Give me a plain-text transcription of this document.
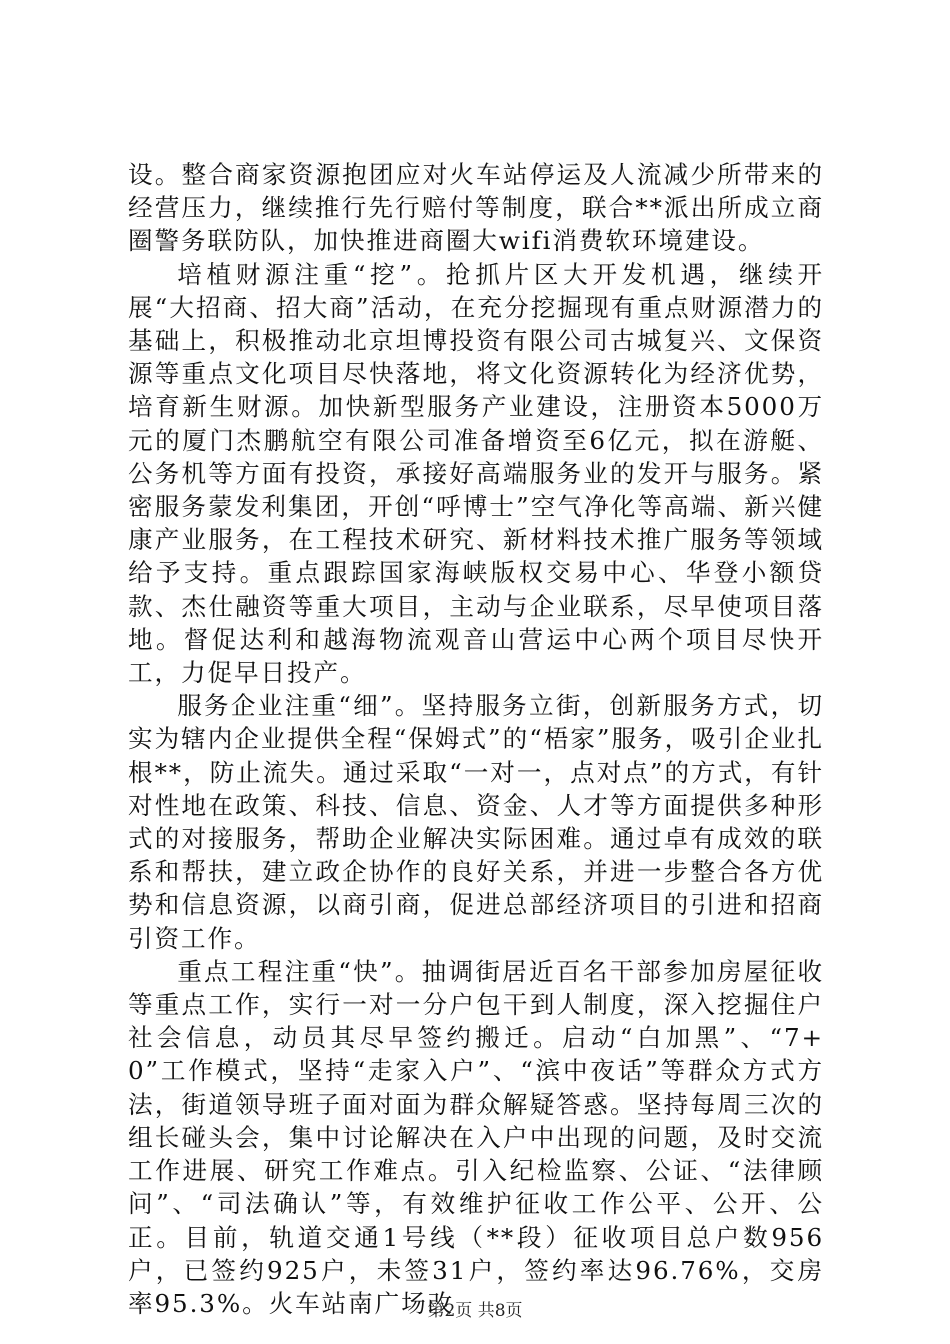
设。整合商家资源抱团应对火车站停运及人流减少所带来的经营压力，继续推行先行赔付等制度，联合**派出所成立商圈警务联防队，加快推进商圈大wifi消费软环境建设。

培植财源注重“挖”。抢抓片区大开发机遇，继续开展“大招商、招大商”活动，在充分挖掘现有重点财源潜力的基础上，积极推动北京坦博投资有限公司古城复兴、文保资源等重点文化项目尽快落地，将文化资源转化为经济优势，培育新生财源。加快新型服务产业建设，注册资本5000万元的厦门杰鹏航空有限公司准备增资至6亿元，拟在游艇、公务机等方面有投资，承接好高端服务业的发开与服务。紧密服务蒙发利集团，开创“呼博士”空气净化等高端、新兴健康产业服务，在工程技术研究、新材料技术推广服务等领域给予支持。重点跟踪国家海峡版权交易中心、华登小额贷款、杰仕融资等重大项目，主动与企业联系，尽早使项目落地。督促达利和越海物流观音山营运中心两个项目尽快开工，力促早日投产。

服务企业注重“细”。坚持服务立街，创新服务方式，切实为辖内企业提供全程“保姆式”的“梧家”服务，吸引企业扎根**，防止流失。通过采取“一对一，点对点”的方式，有针对性地在政策、科技、信息、资金、人才等方面提供多种形式的对接服务，帮助企业解决实际困难。通过卓有成效的联系和帮扶，建立政企协作的良好关系，并进一步整合各方优势和信息资源，以商引商，促进总部经济项目的引进和招商引资工作。

重点工程注重“快”。抽调街居近百名干部参加房屋征收等重点工作，实行一对一分户包干到人制度，深入挖掘住户社会信息，动员其尽早签约搬迁。启动“白加黑”、“7+0”工作模式，坚持“走家入户”、“滨中夜话”等群众方式方法，街道领导班子面对面为群众解疑答惑。坚持每周三次的组长碰头会，集中讨论解决在入户中出现的问题，及时交流工作进展、研究工作难点。引入纪检监察、公证、“法律顾问”、“司法确认”等，有效维护征收工作公平、公开、公正。目前，轨道交通1号线（**段）征收项目总户数956户，已签约925户，未签31户，签约率达96.76%，交房率95.3%。火车站南广场改

第2页 共8页
